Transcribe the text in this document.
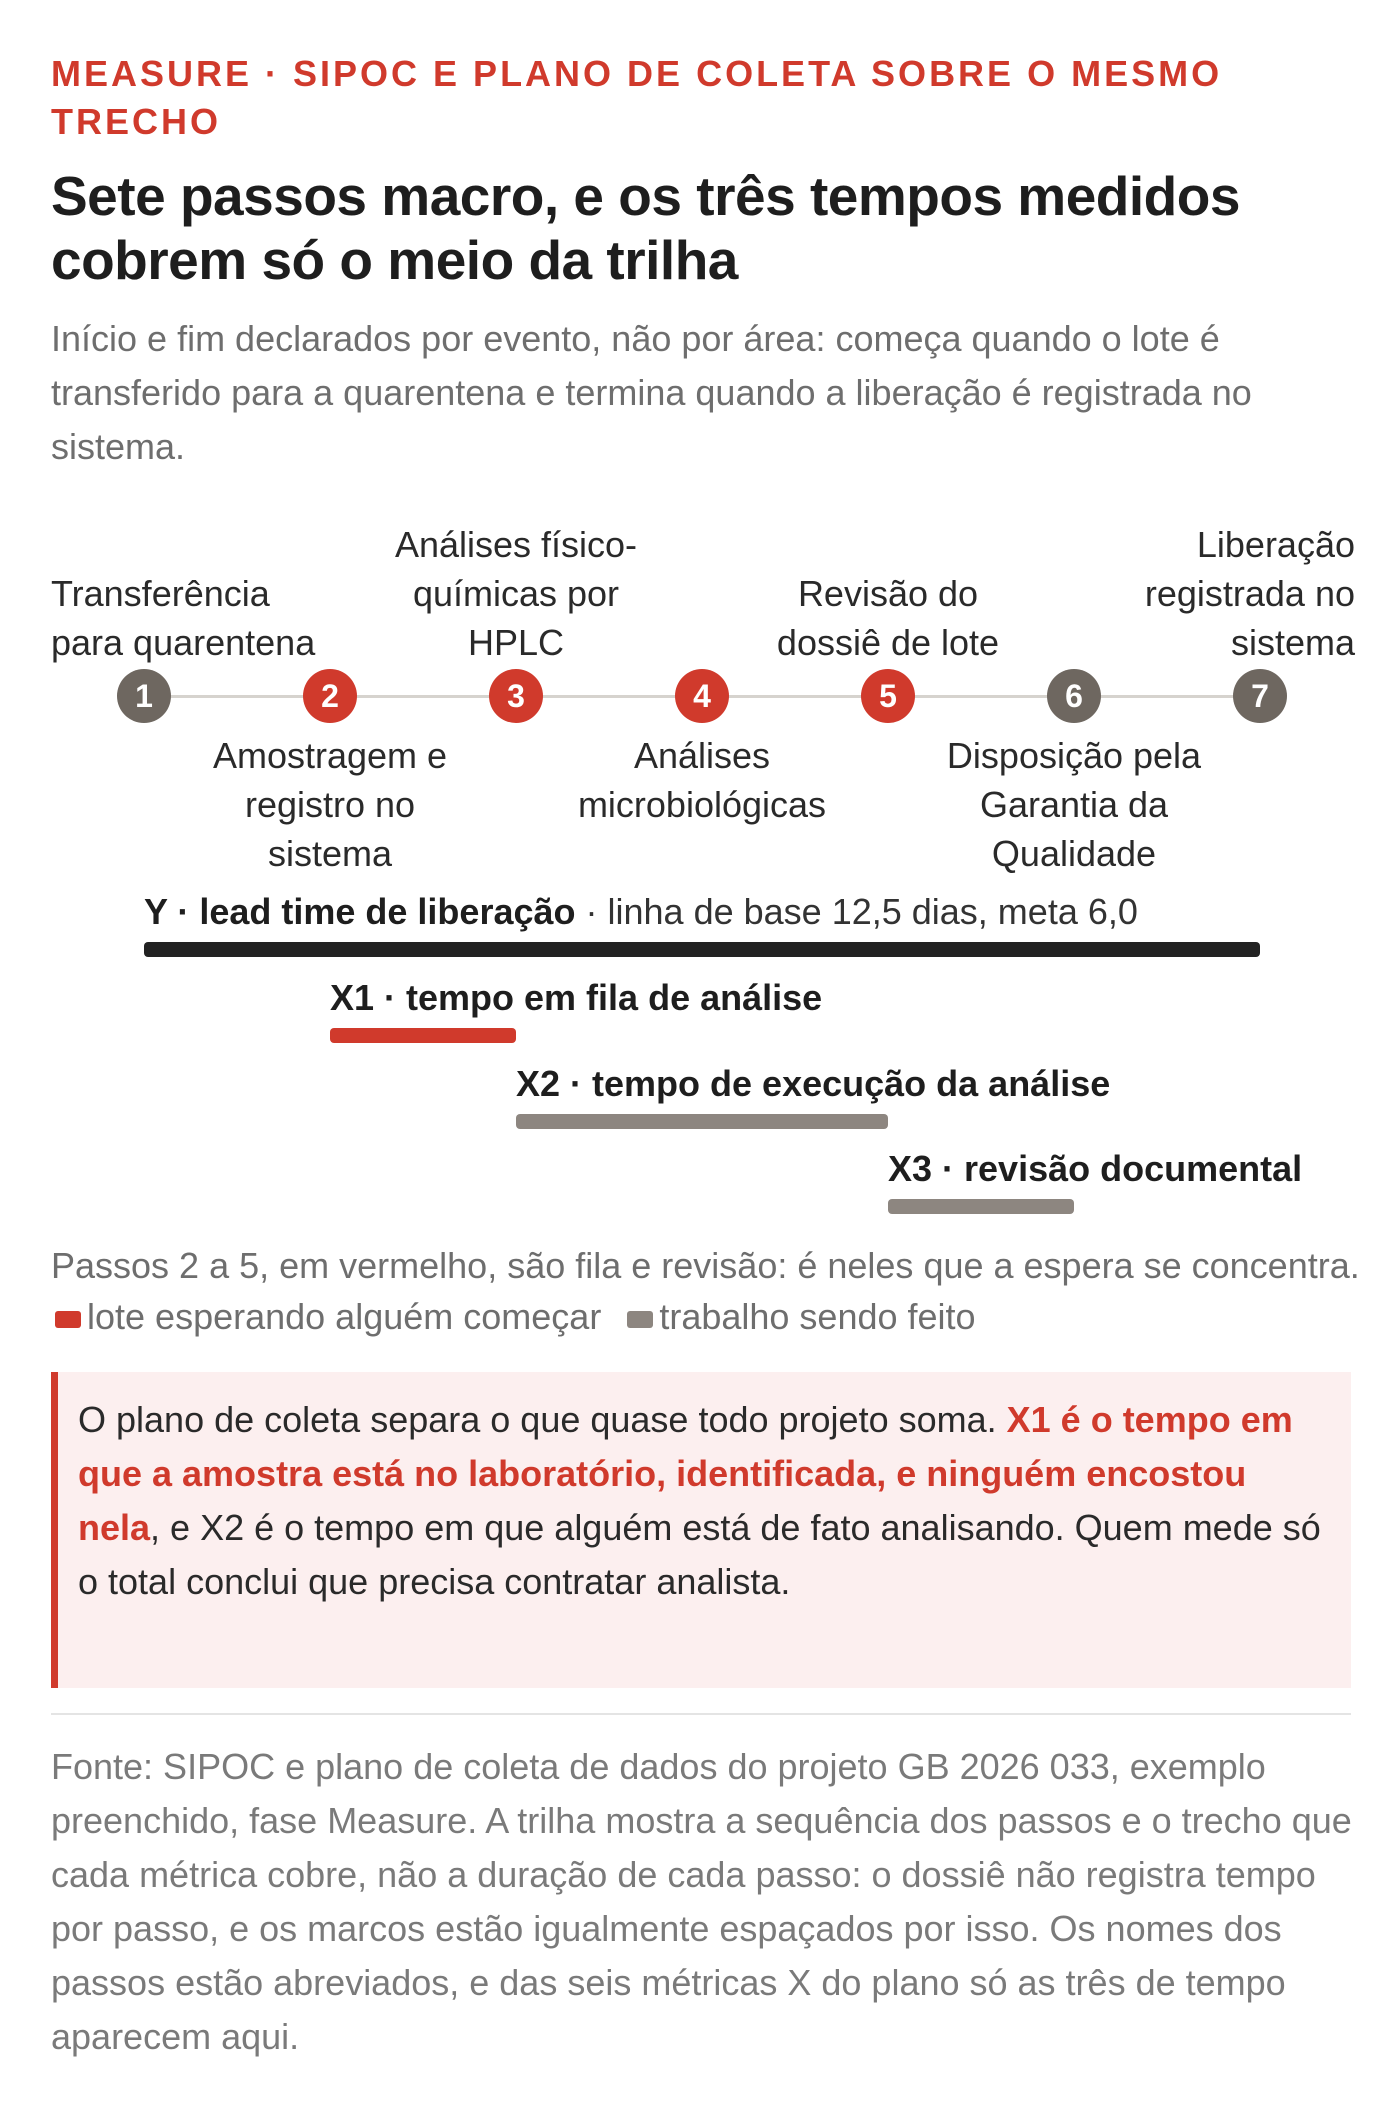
MEASURE · SIPOC E PLANO DE COLETA SOBRE O MESMO TRECHO
Sete passos macro, e os três tempos medidos cobrem só o meio da trilha
Início e fim declarados por evento, não por área: começa quando o lote é transferido para a quarentena e termina quando a liberação é registrada no sistema.
1	2	3	4	5	6	7
Transferência para quarentena
Amostragem e registro no sistema
Análises físico-químicas por HPLC
Análises microbiológicas
Revisão do dossiê de lote
Disposição pela Garantia da Qualidade
Liberação registrada no sistema
Y · lead time de liberação · linha de base 12,5 dias, meta 6,0
X1 · tempo em fila de análise
X2 · tempo de execução da análise
X3 · revisão documental
Passos 2 a 5, em vermelho, são fila e revisão: é neles que a espera se concentra. lote esperando alguém começar trabalho sendo feito
O plano de coleta separa o que quase todo projeto soma. X1 é o tempo em que a amostra está no laboratório, identificada, e ninguém encostou nela, e X2 é o tempo em que alguém está de fato analisando. Quem mede só o total conclui que precisa contratar analista.
Fonte: SIPOC e plano de coleta de dados do projeto GB 2026 033, exemplo preenchido, fase Measure. A trilha mostra a sequência dos passos e o trecho que cada métrica cobre, não a duração de cada passo: o dossiê não registra tempo por passo, e os marcos estão igualmente espaçados por isso. Os nomes dos passos estão abreviados, e das seis métricas X do plano só as três de tempo aparecem aqui.
